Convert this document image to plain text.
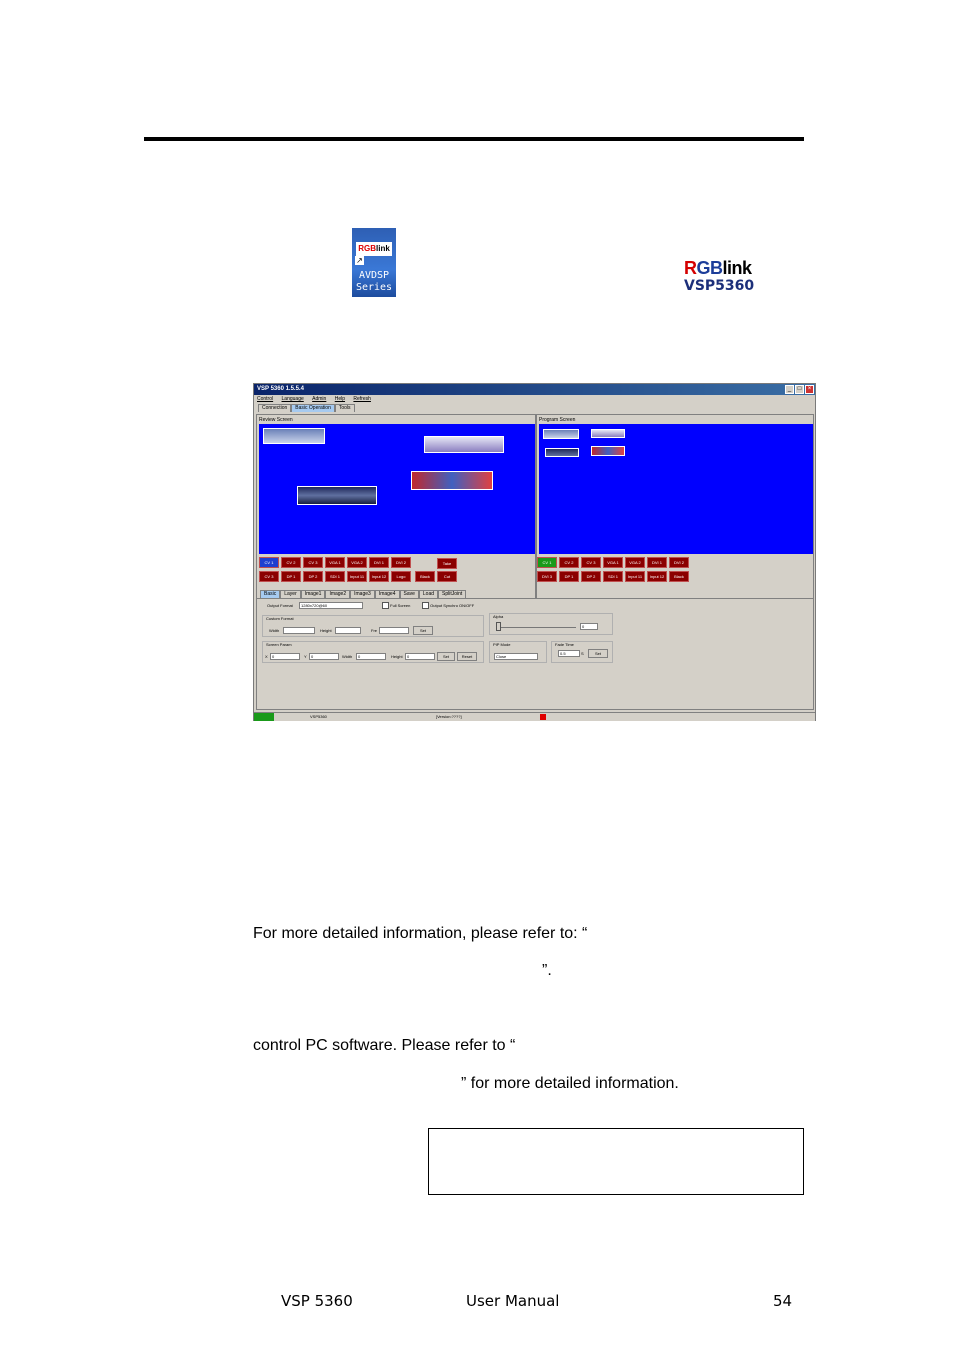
RGBlink
↗
AVDSP
Series
RGBlink
VSP5360
VSP 5360 1.5.5.4	_	□	×
Control Language Admin Help Refresh
Connection Basic Operation Tools
Review Screen
CV 1	CV 2	CV 3	VGA 1	VGA 2	DVI 1	DVI 2	Take
CV 3	DP 1	DP 2	SDI 1	Input 11	Input 12	Logo	Black	Cut
Program Screen
CV 1	CV 2	CV 3	VGA 1	VGA 2	DVI 1	DVI 2
DVI 3	DP 1	DP 2	SDI 1	Input 11	Input 12	Black
Basic Layer Image1 Image2 Image3 Image4 Save Load SplitJoint
Output Format	1280x720@60	Full Screen	Output Synchro ON/OFF
Custom Format
Width	Height	Fre	Set
Alpha
0
Screen Param
X	0	Y	0	Width	0	Height	0	Set	Reset
PIP Mode
Close
Fade Time
0.5	S	Set
VSP5360	[Version:????]
For more detailed information, please refer to: “
”.
control PC software. Please refer to “
” for more detailed information.
VSP 5360	User Manual	54
